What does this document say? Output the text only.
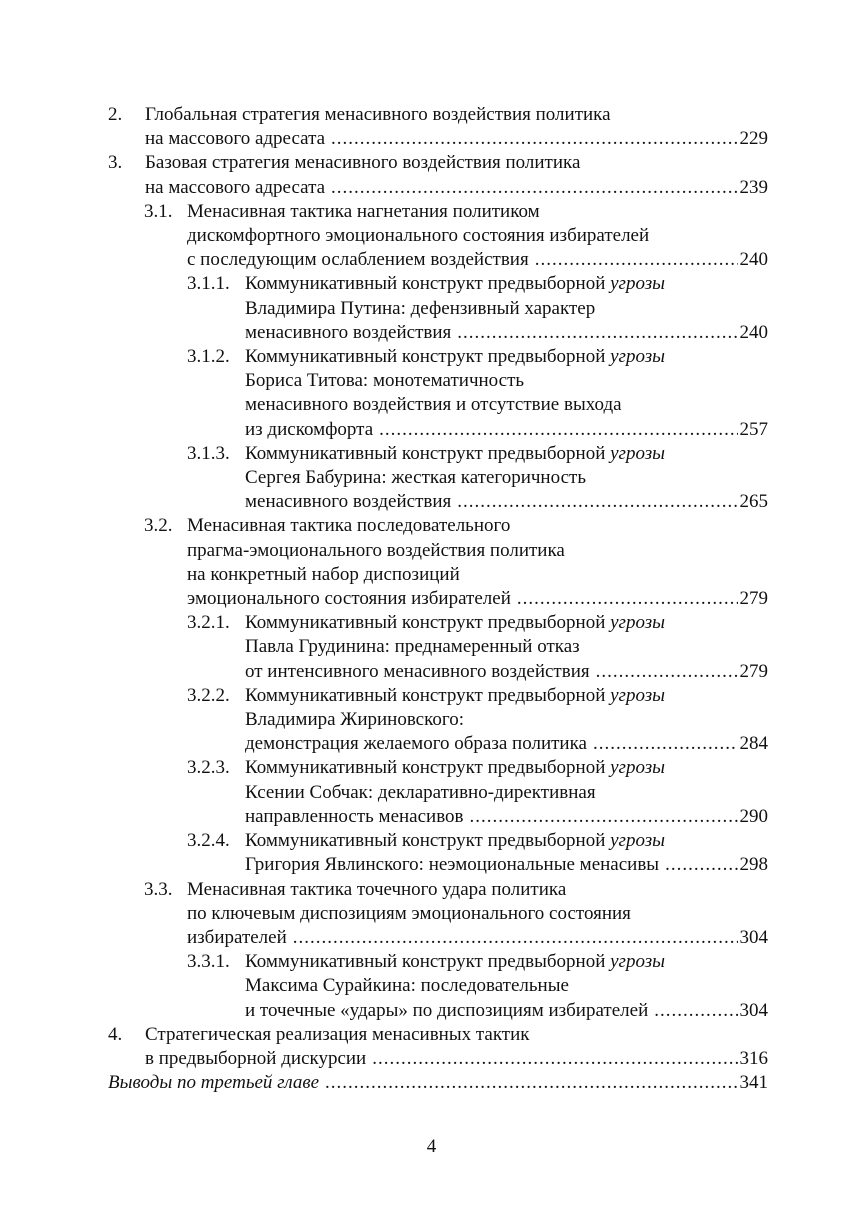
2.	Глобальная стратегия менасивного воздействия политика
на массового адресата .....	229
3.	Базовая стратегия менасивного воздействия политика
на массового адресата .....	239
3.1. Менасивная тактика нагнетания политиком
дискомфортного эмоционального состояния избирателей
с последующим ослаблением воздействия .....	240
3.1.1. Коммуникативный конструкт предвыборной угрозы
Владимира Путина: дефензивный характер
менасивного воздействия .....	240
3.1.2. Коммуникативный конструкт предвыборной угрозы
Бориса Титова: монотематичность
менасивного воздействия и отсутствие выхода
из дискомфорта .....	257
3.1.3. Коммуникативный конструкт предвыборной угрозы
Сергея Бабурина: жесткая категоричность
менасивного воздействия .....	265
3.2. Менасивная тактика последовательного
прагма-эмоционального воздействия политика
на конкретный набор диспозиций
эмоционального состояния избирателей .....	279
3.2.1. Коммуникативный конструкт предвыборной угрозы
Павла Грудинина: преднамеренный отказ
от интенсивного менасивного воздействия .....	279
3.2.2. Коммуникативный конструкт предвыборной угрозы
Владимира Жириновского:
демонстрация желаемого образа политика .....	284
3.2.3. Коммуникативный конструкт предвыборной угрозы
Ксении Собчак: декларативно-директивная
направленность менасивов .....	290
3.2.4. Коммуникативный конструкт предвыборной угрозы
Григория Явлинского: неэмоциональные менасивы .....	298
3.3. Менасивная тактика точечного удара политика
по ключевым диспозициям эмоционального состояния
избирателей .....	304
3.3.1. Коммуникативный конструкт предвыборной угрозы
Максима Сурайкина: последовательные
и точечные «удары» по диспозициям избирателей .....	304
4.	Стратегическая реализация менасивных тактик
в предвыборной дискурсии .....	316
Выводы по третьей главе .....	341
4
